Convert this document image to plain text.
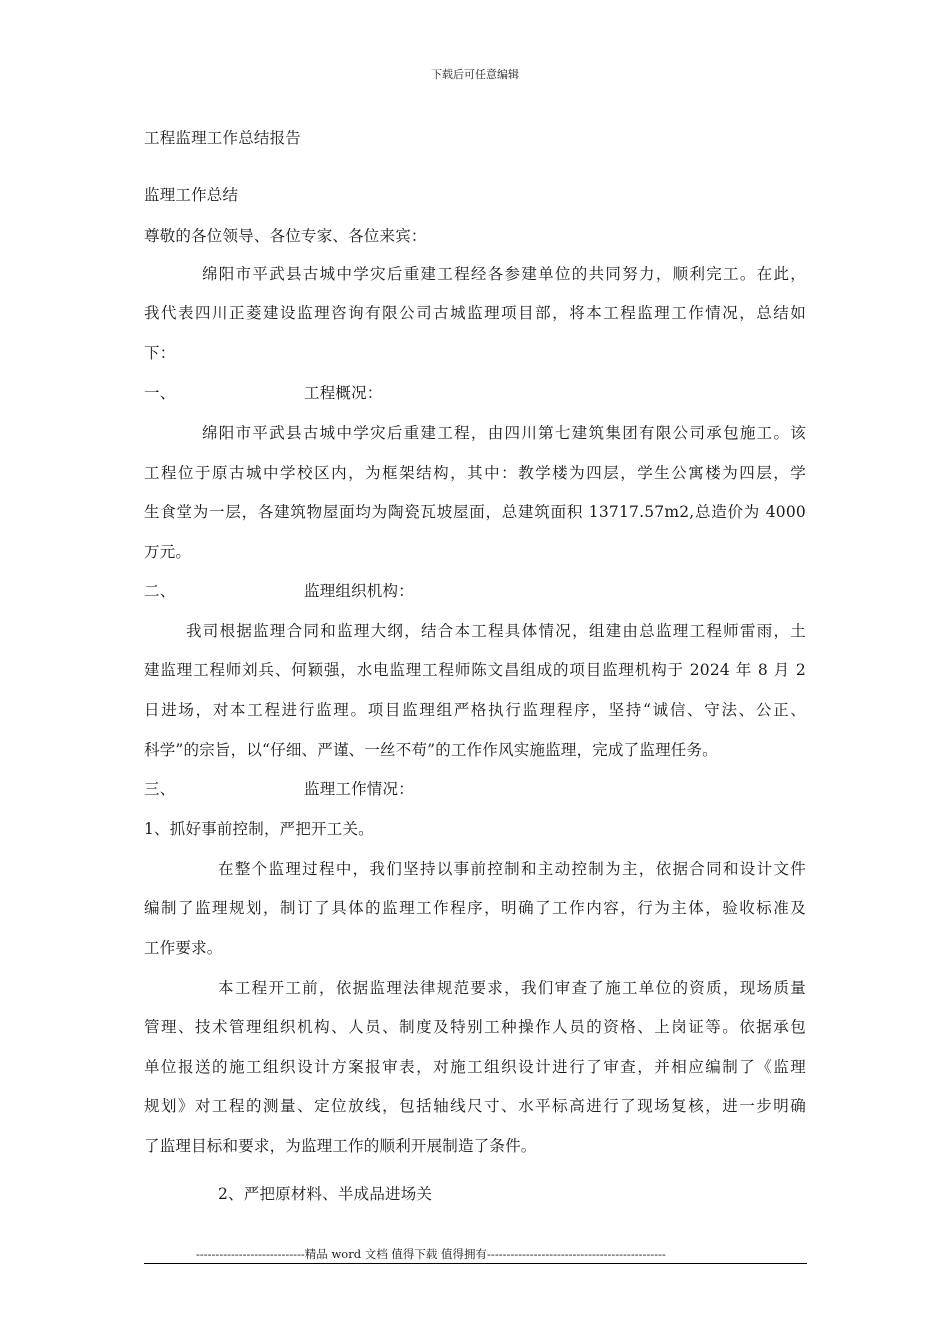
下载后可任意编辑
工程监理工作总结报告
监理工作总结
尊敬的各位领导、各位专家、各位来宾：
绵阳市平武县古城中学灾后重建工程经各参建单位的共同努力，顺利完工。在此，
我代表四川正菱建设监理咨询有限公司古城监理项目部，将本工程监理工作情况，总结如
下：
一、	工程概况：
绵阳市平武县古城中学灾后重建工程，由四川第七建筑集团有限公司承包施工。该
工程位于原古城中学校区内，为框架结构，其中：教学楼为四层，学生公寓楼为四层，学
生食堂为一层，各建筑物屋面均为陶瓷瓦坡屋面，总建筑面积 13717.57m2,总造价为 4000
万元。
二、	监理组织机构：
我司根据监理合同和监理大纲，结合本工程具体情况，组建由总监理工程师雷雨，土
建监理工程师刘兵、何颖强，水电监理工程师陈文昌组成的项目监理机构于 2024 年 8 月 2
日进场，对本工程进行监理。项目监理组严格执行监理程序，坚持“诚信、守法、公正、
科学”的宗旨，以“仔细、严谨、一丝不苟”的工作作风实施监理，完成了监理任务。
三、	监理工作情况：
1、抓好事前控制，严把开工关。
在整个监理过程中，我们坚持以事前控制和主动控制为主，依据合同和设计文件
编制了监理规划，制订了具体的监理工作程序，明确了工作内容，行为主体，验收标准及
工作要求。
本工程开工前，依据监理法律规范要求，我们审查了施工单位的资质，现场质量
管理、技术管理组织机构、人员、制度及特别工种操作人员的资格、上岗证等。依据承包
单位报送的施工组织设计方案报审表，对施工组织设计进行了审查，并相应编制了《监理
规划》对工程的测量、定位放线，包括轴线尺寸、水平标高进行了现场复核，进一步明确
了监理目标和要求，为监理工作的顺利开展制造了条件。
2、严把原材料、半成品进场关
----------------------------精品 word 文档 值得下载 值得拥有----------------------------------------------
